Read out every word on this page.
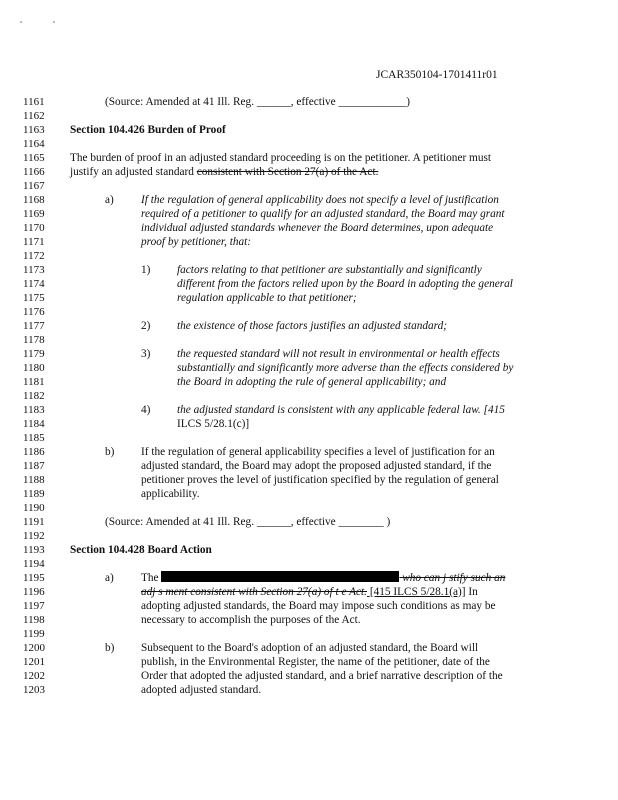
JCAR350104-1701411r01
1161
1162
1163
1164
1165
1166
1167
1168
1169
1170
1171
1172
1173
1174
1175
1176
1177
1178
1179
1180
1181
1182
1183
1184
1185
1186
1187
1188
1189
1190
1191
1192
1193
1194
1195
1196
1197
1198
1199
1200
1201
1202
1203
(Source: Amended at 41 Ill. Reg. ______, effective ____________)
Section 104.426 Burden of Proof
The burden of proof in an adjusted standard proceeding is on the petitioner. A petitioner must
justify an adjusted standard consistent with Section 27(a) of the Act.
a) If the regulation of general applicability does not specify a level of justification
required of a petitioner to qualify for an adjusted standard, the Board may grant
individual adjusted standards whenever the Board determines, upon adequate
proof by petitioner, that:
1) factors relating to that petitioner are substantially and significantly
different from the factors relied upon by the Board in adopting the general
regulation applicable to that petitioner;
2) the existence of those factors justifies an adjusted standard;
3) the requested standard will not result in environmental or health effects
substantially and significantly more adverse than the effects considered by
the Board in adopting the rule of general applicability; and
4) the adjusted standard is consistent with any applicable federal law. [415
ILCS 5/28.1(c)]
b) If the regulation of general applicability specifies a level of justification for an
adjusted standard, the Board may adopt the proposed adjusted standard, if the
petitioner proves the level of justification specified by the regulation of general
applicability.
(Source: Amended at 41 Ill. Reg. ______, effective ________ )
Section 104.428 Board Action
a) The	who can j stify such an
adj s ment consistent with Section 27(a) of t e Act. [415 ILCS 5/28.1(a)] In
adopting adjusted standards, the Board may impose such conditions as may be
necessary to accomplish the purposes of the Act.
b) Subsequent to the Board's adoption of an adjusted standard, the Board will
publish, in the Environmental Register, the name of the petitioner, date of the
Order that adopted the adjusted standard, and a brief narrative description of the
adopted adjusted standard.
